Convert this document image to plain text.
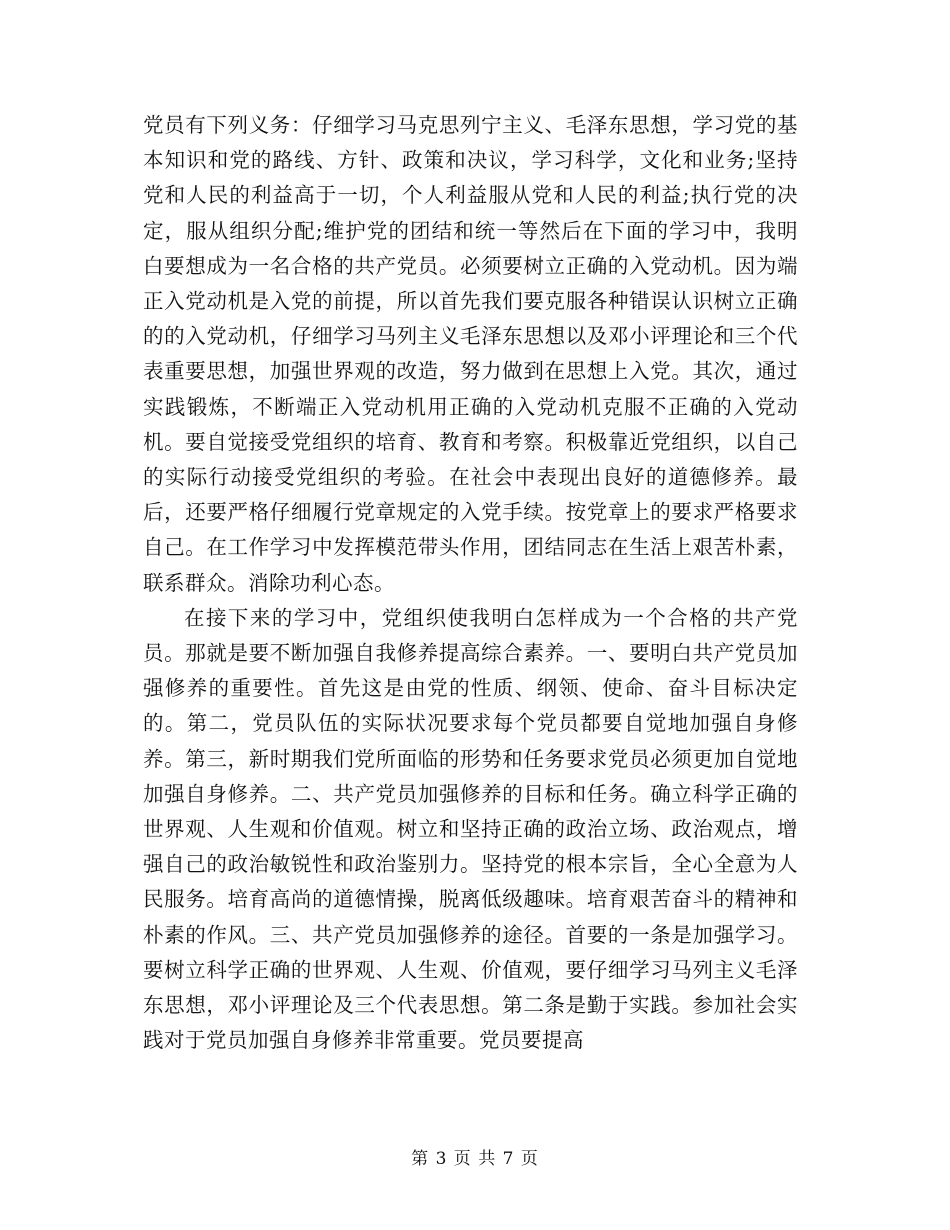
党员有下列义务：仔细学习马克思列宁主义、毛泽东思想，学习党的基本知识和党的路线、方针、政策和决议，学习科学，文化和业务;坚持党和人民的利益高于一切，个人利益服从党和人民的利益;执行党的决定，服从组织分配;维护党的团结和统一等然后在下面的学习中，我明白要想成为一名合格的共产党员。必须要树立正确的入党动机。因为端正入党动机是入党的前提，所以首先我们要克服各种错误认识树立正确的的入党动机，仔细学习马列主义毛泽东思想以及邓小评理论和三个代表重要思想，加强世界观的改造，努力做到在思想上入党。其次，通过实践锻炼，不断端正入党动机用正确的入党动机克服不正确的入党动机。要自觉接受党组织的培育、教育和考察。积极靠近党组织，以自己的实际行动接受党组织的考验。在社会中表现出良好的道德修养。最后，还要严格仔细履行党章规定的入党手续。按党章上的要求严格要求自己。在工作学习中发挥模范带头作用，团结同志在生活上艰苦朴素，联系群众。消除功利心态。

在接下来的学习中，党组织使我明白怎样成为一个合格的共产党员。那就是要不断加强自我修养提高综合素养。一、要明白共产党员加强修养的重要性。首先这是由党的性质、纲领、使命、奋斗目标决定的。第二，党员队伍的实际状况要求每个党员都要自觉地加强自身修养。第三，新时期我们党所面临的形势和任务要求党员必须更加自觉地加强自身修养。二、共产党员加强修养的目标和任务。确立科学正确的世界观、人生观和价值观。树立和坚持正确的政治立场、政治观点，增强自己的政治敏锐性和政治鉴别力。坚持党的根本宗旨，全心全意为人民服务。培育高尚的道德情操，脱离低级趣味。培育艰苦奋斗的精神和朴素的作风。三、共产党员加强修养的途径。首要的一条是加强学习。要树立科学正确的世界观、人生观、价值观，要仔细学习马列主义毛泽东思想，邓小评理论及三个代表思想。第二条是勤于实践。参加社会实践对于党员加强自身修养非常重要。党员要提高

第 3 页 共 7 页
